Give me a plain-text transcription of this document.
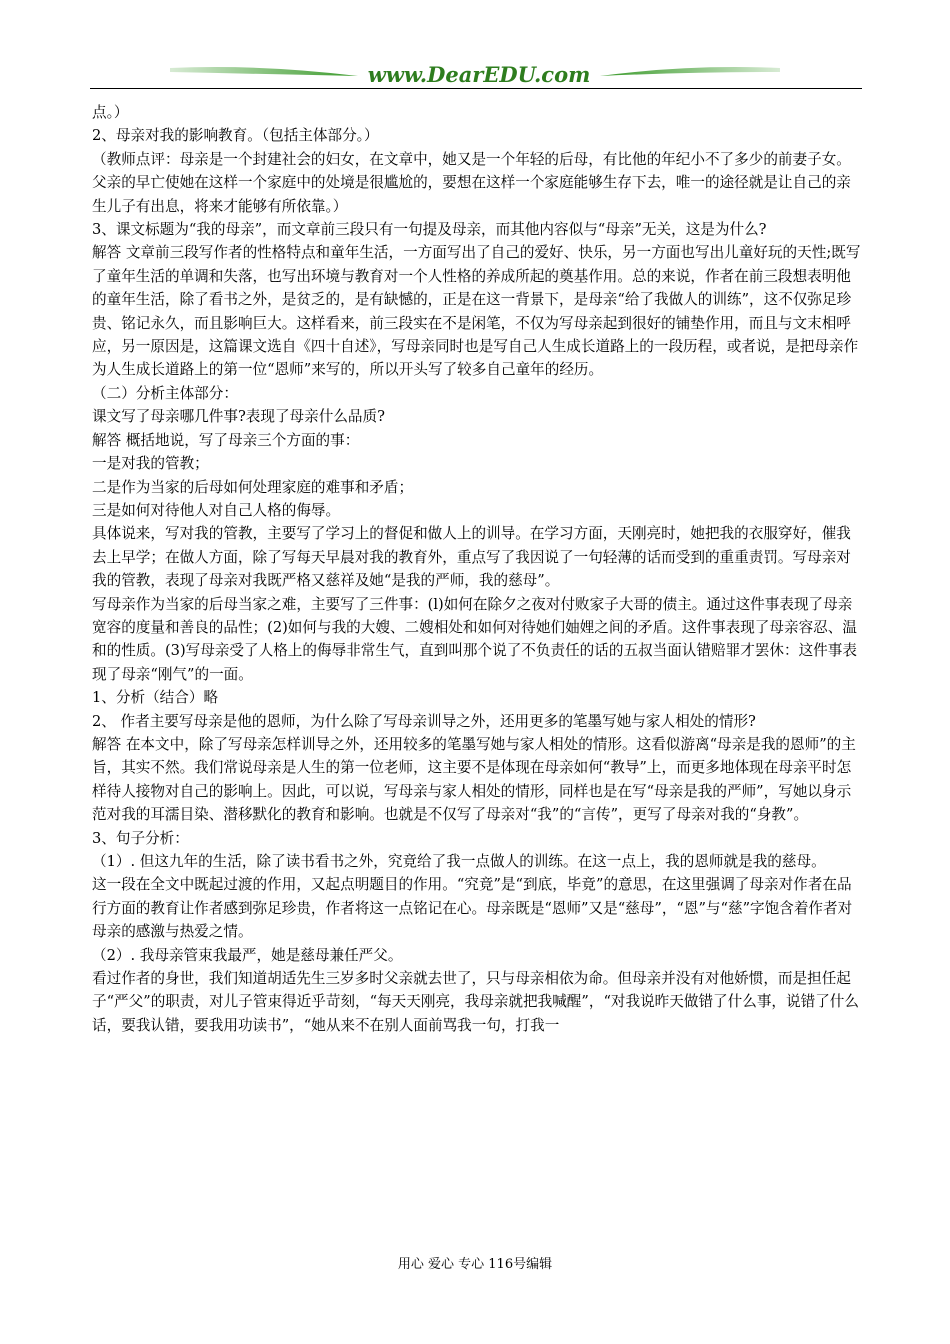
www.DearEDU.com

点。）

2、母亲对我的影响教育。（包括主体部分。）

（教师点评：母亲是一个封建社会的妇女，在文章中，她又是一个年轻的后母，有比他的年纪小不了多少的前妻子女。父亲的早亡使她在这样一个家庭中的处境是很尴尬的，要想在这样一个家庭能够生存下去，唯一的途径就是让自己的亲生儿子有出息，将来才能够有所依靠。）

3、课文标题为“我的母亲”，而文章前三段只有一句提及母亲，而其他内容似与“母亲”无关，这是为什么?

解答 文章前三段写作者的性格特点和童年生活，一方面写出了自己的爱好、快乐，另一方面也写出儿童好玩的天性;既写了童年生活的单调和失落，也写出环境与教育对一个人性格的养成所起的奠基作用。总的来说，作者在前三段想表明他的童年生活，除了看书之外，是贫乏的，是有缺憾的，正是在这一背景下，是母亲“给了我做人的训练”，这不仅弥足珍贵、铭记永久，而且影响巨大。这样看来，前三段实在不是闲笔，不仅为写母亲起到很好的铺垫作用，而且与文末相呼应，另一原因是，这篇课文选自《四十自述》，写母亲同时也是写自己人生成长道路上的一段历程，或者说，是把母亲作为人生成长道路上的第一位“恩师”来写的，所以开头写了较多自己童年的经历。

（二）分析主体部分：

课文写了母亲哪几件事?表现了母亲什么品质?

解答 概括地说，写了母亲三个方面的事：

一是对我的管教；

二是作为当家的后母如何处理家庭的难事和矛盾；

三是如何对待他人对自己人格的侮辱。

具体说来，写对我的管教，主要写了学习上的督促和做人上的训导。在学习方面，天刚亮时，她把我的衣服穿好，催我去上早学；在做人方面，除了写每天早晨对我的教育外，重点写了我因说了一句轻薄的话而受到的重重责罚。写母亲对我的管教，表现了母亲对我既严格又慈祥及她“是我的严师，我的慈母”。

写母亲作为当家的后母当家之难，主要写了三件事：(l)如何在除夕之夜对付败家子大哥的债主。通过这件事表现了母亲宽容的度量和善良的品性；(2)如何与我的大嫂、二嫂相处和如何对待她们妯娌之间的矛盾。这件事表现了母亲容忍、温和的性质。(3)写母亲受了人格上的侮辱非常生气，直到叫那个说了不负责任的话的五叔当面认错赔罪才罢休：这件事表现了母亲“刚气”的一面。

1、分析（结合）略

2、 作者主要写母亲是他的恩师，为什么除了写母亲训导之外，还用更多的笔墨写她与家人相处的情形?

解答 在本文中，除了写母亲怎样训导之外，还用较多的笔墨写她与家人相处的情形。这看似游离“母亲是我的恩师”的主旨，其实不然。我们常说母亲是人生的第一位老师，这主要不是体现在母亲如何“教导”上，而更多地体现在母亲平时怎样待人接物对自己的影响上。因此，可以说，写母亲与家人相处的情形，同样也是在写“母亲是我的严师”，写她以身示范对我的耳濡目染、潜移默化的教育和影响。也就是不仅写了母亲对“我”的“言传”，更写了母亲对我的“身教”。

3、句子分析：

（1）. 但这九年的生活，除了读书看书之外，究竟给了我一点做人的训练。在这一点上，我的恩师就是我的慈母。

这一段在全文中既起过渡的作用，又起点明题目的作用。“究竟”是“到底，毕竟”的意思，在这里强调了母亲对作者在品行方面的教育让作者感到弥足珍贵，作者将这一点铭记在心。母亲既是“恩师”又是“慈母”，“恩”与“慈”字饱含着作者对母亲的感激与热爱之情。

（2）. 我母亲管束我最严，她是慈母兼任严父。

看过作者的身世，我们知道胡适先生三岁多时父亲就去世了，只与母亲相依为命。但母亲并没有对他娇惯，而是担任起子“严父”的职责，对儿子管束得近乎苛刻，“每天天刚亮，我母亲就把我喊醒”，“对我说昨天做错了什么事，说错了什么话，要我认错，要我用功读书”，“她从来不在别人面前骂我一句，打我一

用心 爱心 专心 116号编辑
